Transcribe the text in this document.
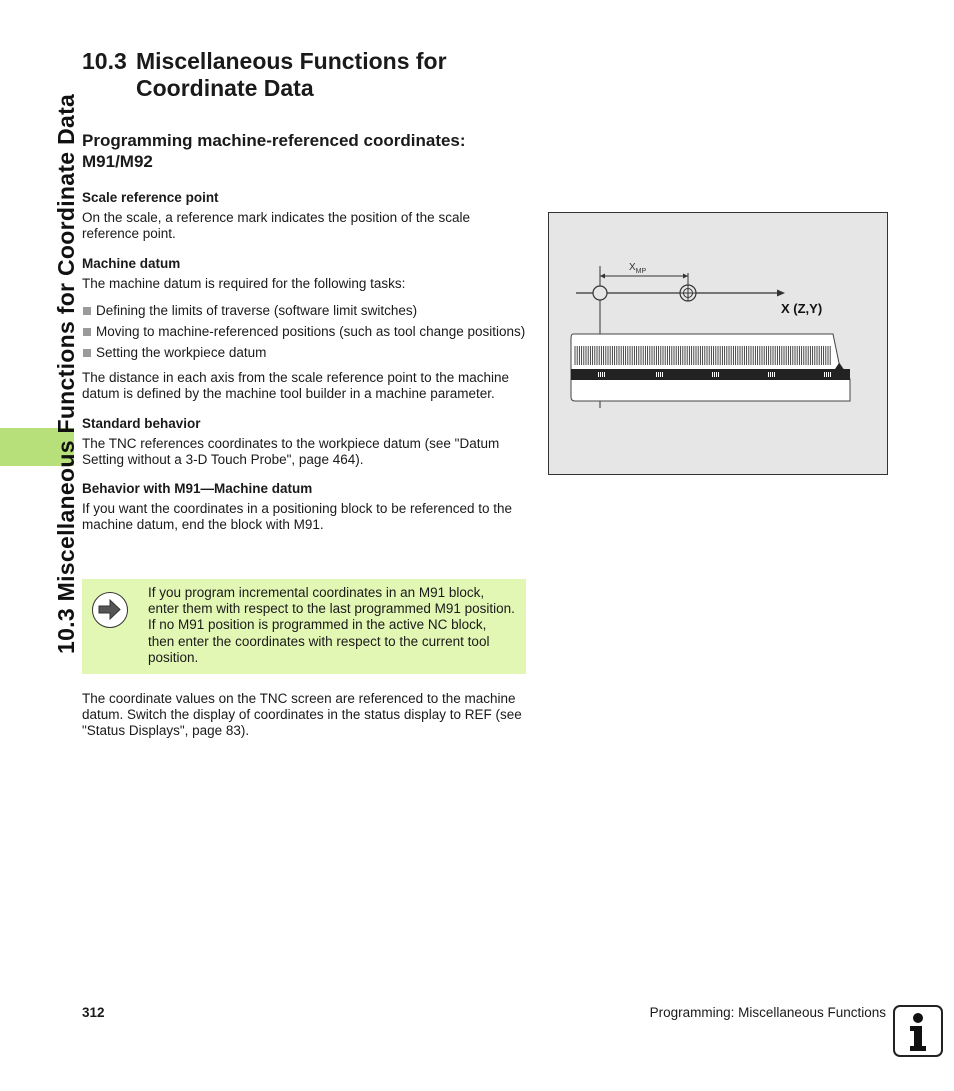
10.3 Miscellaneous Functions for Coordinate Data
10.3 Miscellaneous Functions for
Coordinate Data
Programming machine-referenced coordinates: M91/M92
Scale reference point

On the scale, a reference mark indicates the position of the scale reference point.

Machine datum

The machine datum is required for the following tasks:

Defining the limits of traverse (software limit switches)
Moving to machine-referenced positions (such as tool change positions)
Setting the workpiece datum

The distance in each axis from the scale reference point to the machine datum is defined by the machine tool builder in a machine parameter.

Standard behavior

The TNC references coordinates to the workpiece datum (see "Datum Setting without a 3-D Touch Probe", page 464).

Behavior with M91—Machine datum

If you want the coordinates in a positioning block to be referenced to the machine datum, end the block with M91.

If you program incremental coordinates in an M91 block, enter them with respect to the last programmed M91 position. If no M91 position is programmed in the active NC block, then enter the coordinates with respect to the current tool position.

The coordinate values on the TNC screen are referenced to the machine datum. Switch the display of coordinates in the status display to REF (see "Status Displays", page 83).

$X_{MP}$
X (Z,Y)
312	Programming: Miscellaneous Functions
